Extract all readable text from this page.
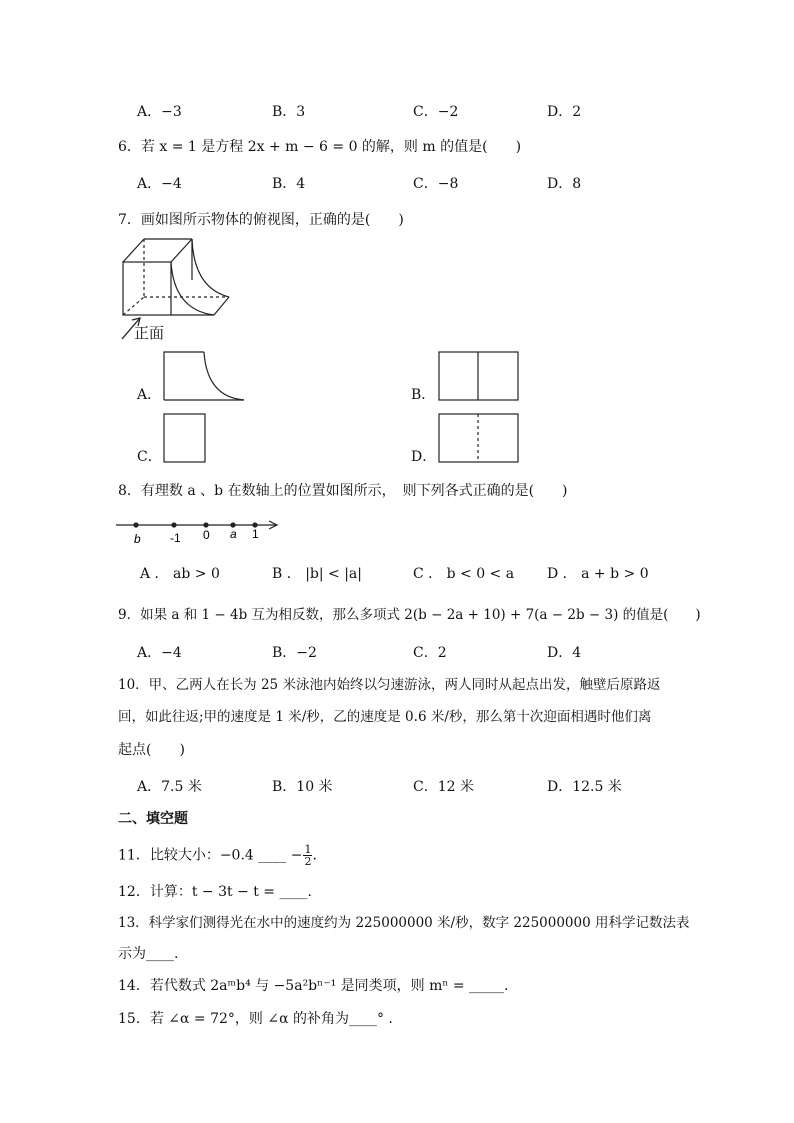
A．−3	B．3	C．−2	D．2
6．若 x = 1 是方程 2x + m − 6 = 0 的解，则 m 的值是(　　)
A．−4	B．4	C．−8	D．8
7．画如图所示物体的俯视图，正确的是(　　)
正面
A．	B．
C．	D．
8．有理数 a 、b 在数轴上的位置如图所示，　则下列各式正确的是(　　)
b -1 0 a 1
A ． ab > 0	B ． |b| < |a|	C ． b < 0 < a D ． a + b > 0
9．如果 a 和 1 − 4b 互为相反数，那么多项式 2(b − 2a + 10) + 7(a − 2b − 3) 的值是(　　)
A．−4	B．−2	C．2	D．4
10．甲、乙两人在长为 25 米泳池内始终以匀速游泳，两人同时从起点出发，触壁后原路返
回，如此往返;甲的速度是 1 米/秒，乙的速度是 0.6 米/秒，那么第十次迎面相遇时他们离
起点(　　)
A．7.5 米	B．10 米	C．12 米	D．12.5 米
二、填空题
11．比较大小：−0.4 ____ − $\frac{1}{2}$ .
12．计算：t − 3t − t = ____.
13．科学家们测得光在水中的速度约为 225000000 米/秒，数字 225000000 用科学记数法表
示为____.
14．若代数式 2aᵐb⁴ 与 −5a²bⁿ⁻¹ 是同类项，则 mⁿ = _____.
15．若 ∠α = 72°，则 ∠α 的补角为____° .
